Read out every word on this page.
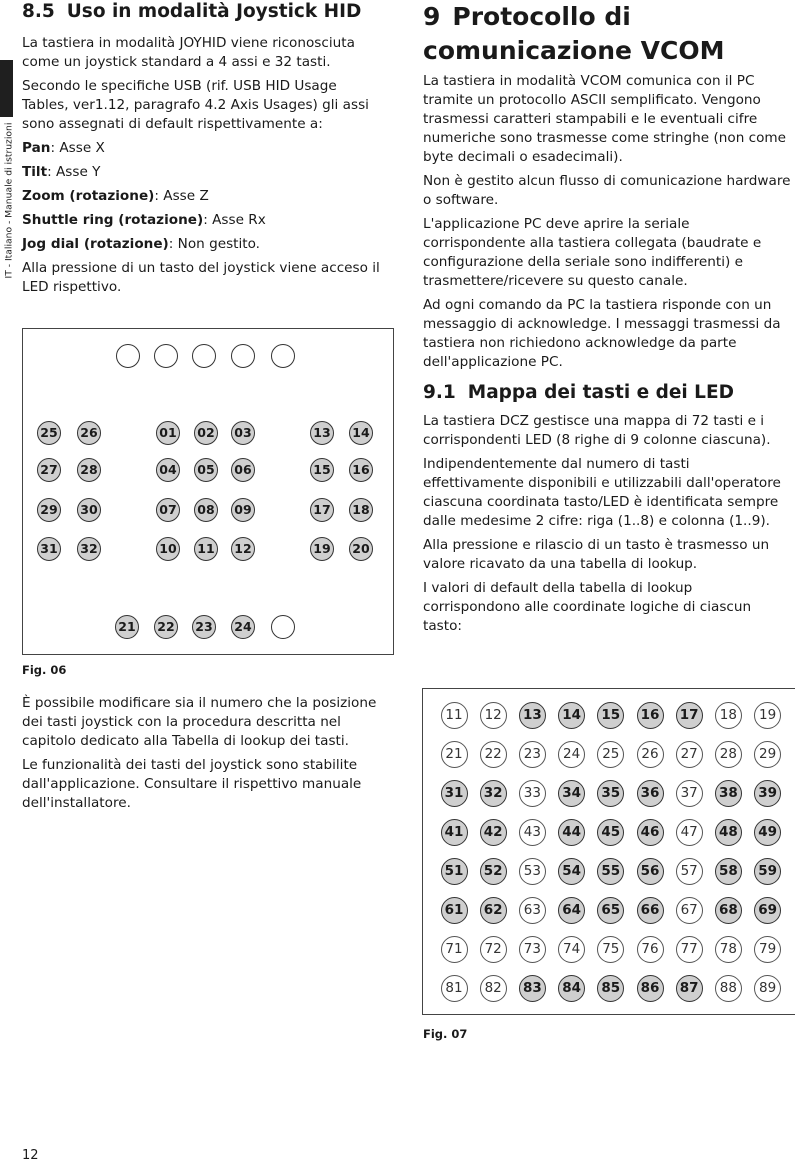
IT - Italiano - Manuale di istruzioni
8.5 Uso in modalità Joystick HID

La tastiera in modalità JOYHID viene riconosciuta come un joystick standard a 4 assi e 32 tasti.

Secondo le specifiche USB (rif. USB HID Usage Tables, ver1.12, paragrafo 4.2 Axis Usages) gli assi sono assegnati di default rispettivamente a:

Pan: Asse X

Tilt: Asse Y

Zoom (rotazione): Asse Z

Shuttle ring (rotazione): Asse Rx

Jog dial (rotazione): Non gestito.

Alla pressione di un tasto del joystick viene acceso il LED rispettivo.

25 26	01 02 03	13 14
27 28	04 05 06	15 16
29 30	07 08 09	17 18
31 32	10 11 12	19 20
21 22 23 24
Fig. 06

È possibile modificare sia il numero che la posizione dei tasti joystick con la procedura descritta nel capitolo dedicato alla Tabella di lookup dei tasti.

Le funzionalità dei tasti del joystick sono stabilite dall'applicazione. Consultare il rispettivo manuale dell'installatore.

9 Protocollo di
comunicazione VCOM

La tastiera in modalità VCOM comunica con il PC tramite un protocollo ASCII semplificato. Vengono trasmessi caratteri stampabili e le eventuali cifre numeriche sono trasmesse come stringhe (non come byte decimali o esadecimali).

Non è gestito alcun flusso di comunicazione hardware o software.

L'applicazione PC deve aprire la seriale corrispondente alla tastiera collegata (baudrate e configurazione della seriale sono indifferenti) e trasmettere/ricevere su questo canale.

Ad ogni comando da PC la tastiera risponde con un messaggio di acknowledge. I messaggi trasmessi da tastiera non richiedono acknowledge da parte dell'applicazione PC.

9.1 Mappa dei tasti e dei LED

La tastiera DCZ gestisce una mappa di 72 tasti e i corrispondenti LED (8 righe di 9 colonne ciascuna).

Indipendentemente dal numero di tasti effettivamente disponibili e utilizzabili dall'operatore ciascuna coordinata tasto/LED è identificata sempre dalle medesime 2 cifre: riga (1..8) e colonna (1..9).

Alla pressione e rilascio di un tasto è trasmesso un valore ricavato da una tabella di lookup.

I valori di default della tabella di lookup corrispondono alle coordinate logiche di ciascun tasto:

11	12	13	14	15	16	17	18	19
21	22	23	24	25	26	27	28	29
31	32	33	34	35	36	37	38	39
41	42	43	44	45	46	47	48	49
51	52	53	54	55	56	57	58	59
61	62	63	64	65	66	67	68	69
71	72	73	74	75	76	77	78	79
81	82	83	84	85	86	87	88	89
Fig. 07
12
